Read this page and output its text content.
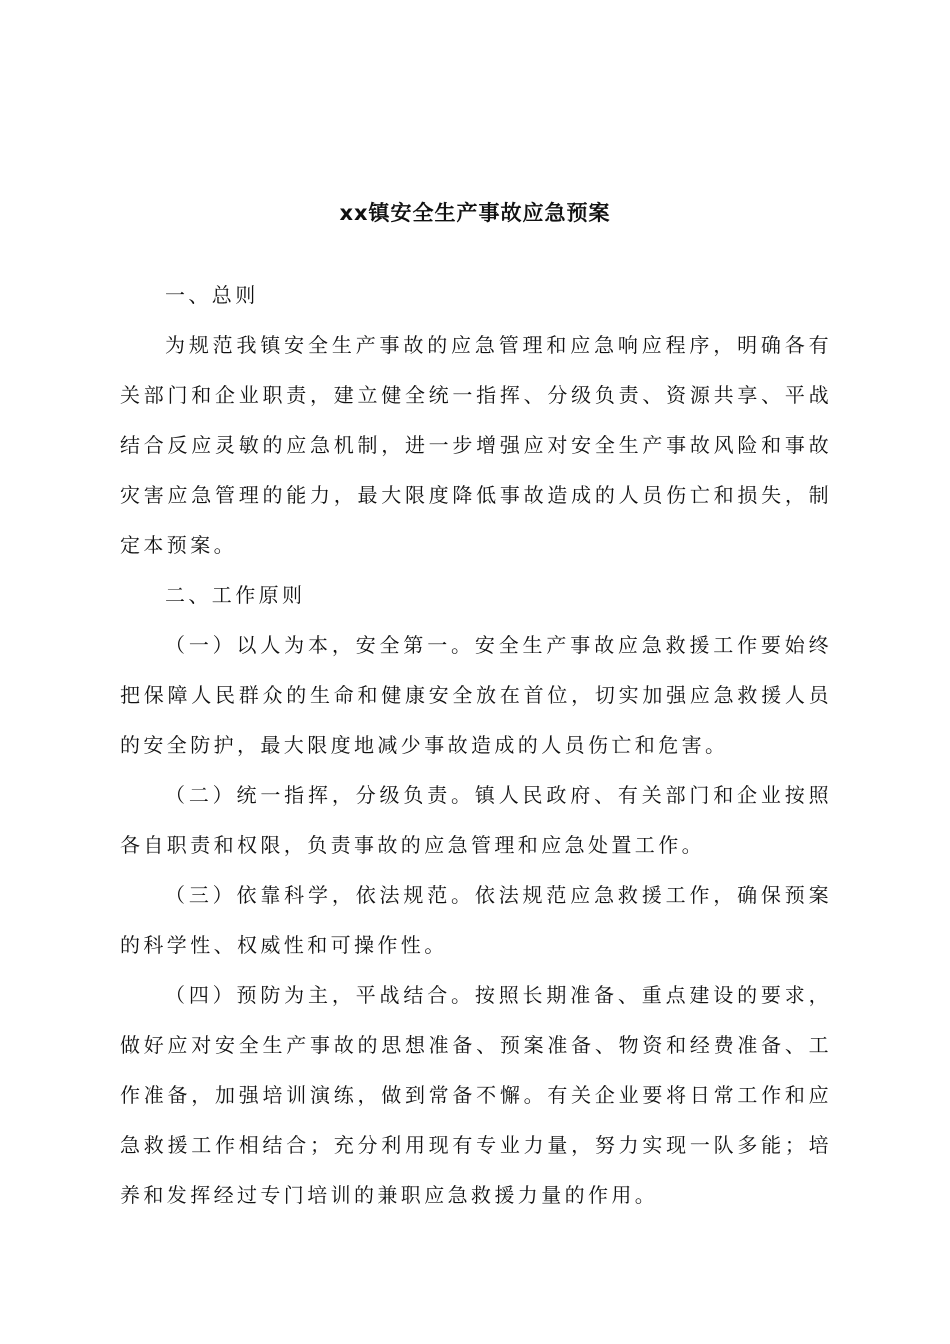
xx镇安全生产事故应急预案

一、总则

为规范我镇安全生产事故的应急管理和应急响应程序，明确各有关部门和企业职责，建立健全统一指挥、分级负责、资源共享、平战结合反应灵敏的应急机制，进一步增强应对安全生产事故风险和事故灾害应急管理的能力，最大限度降低事故造成的人员伤亡和损失，制定本预案。

二、工作原则

（一）以人为本，安全第一。安全生产事故应急救援工作要始终把保障人民群众的生命和健康安全放在首位，切实加强应急救援人员的安全防护，最大限度地减少事故造成的人员伤亡和危害。

（二）统一指挥，分级负责。镇人民政府、有关部门和企业按照各自职责和权限，负责事故的应急管理和应急处置工作。

（三）依靠科学，依法规范。依法规范应急救援工作，确保预案的科学性、权威性和可操作性。

（四）预防为主，平战结合。按照长期准备、重点建设的要求，做好应对安全生产事故的思想准备、预案准备、物资和经费准备、工作准备，加强培训演练，做到常备不懈。有关企业要将日常工作和应急救援工作相结合；充分利用现有专业力量，努力实现一队多能；培养和发挥经过专门培训的兼职应急救援力量的作用。
